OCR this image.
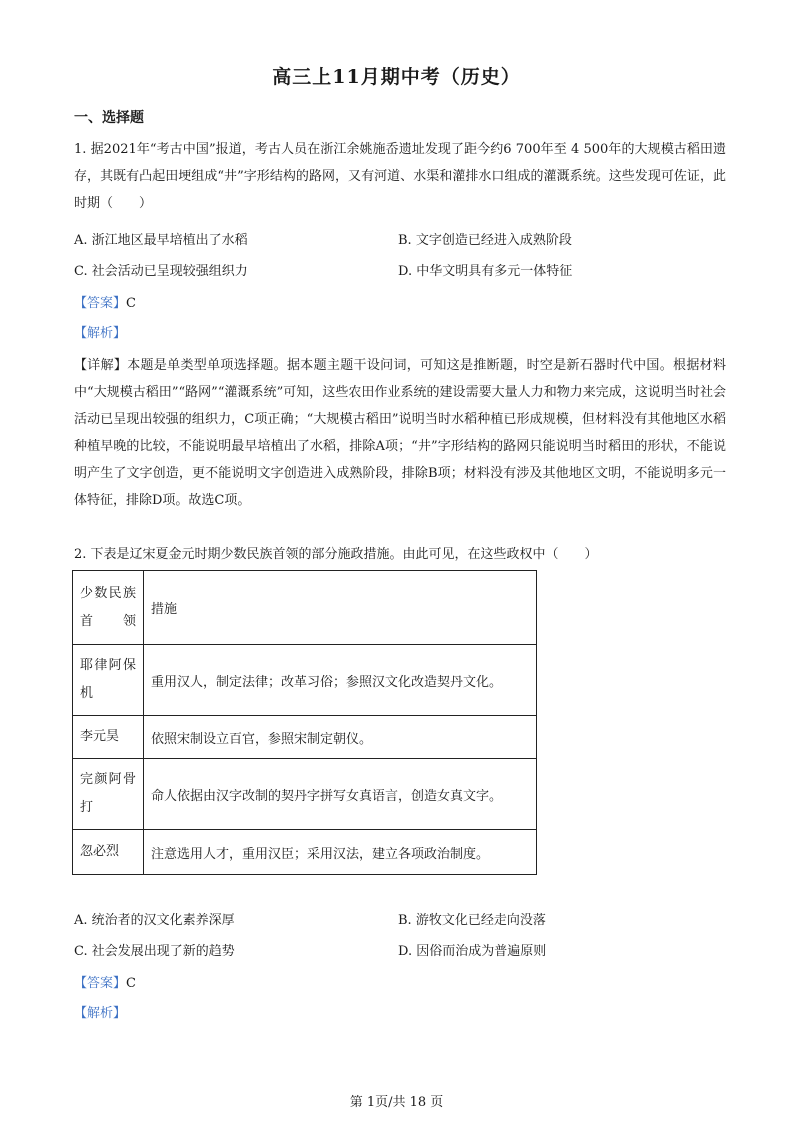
高三上11月期中考（历史）
一、选择题

1. 据2021年“考古中国”报道，考古人员在浙江余姚施岙遗址发现了距今约6 700年至 4 500年的大规模古稻田遗存，其既有凸起田埂组成“井”字形结构的路网，又有河道、水渠和灌排水口组成的灌溉系统。这些发现可佐证，此时期（　　）

A. 浙江地区最早培植出了水稻	B. 文字创造已经进入成熟阶段
C. 社会活动已呈现较强组织力	D. 中华文明具有多元一体特征
【答案】C
【解析】

【详解】本题是单类型单项选择题。据本题主题干设问词，可知这是推断题，时空是新石器时代中国。根据材料中“大规模古稻田”“路网”“灌溉系统”可知，这些农田作业系统的建设需要大量人力和物力来完成，这说明当时社会活动已呈现出较强的组织力，C项正确；“大规模古稻田”说明当时水稻种植已形成规模，但材料没有其他地区水稻种植早晚的比较，不能说明最早培植出了水稻，排除A项；“井”字形结构的路网只能说明当时稻田的形状，不能说明产生了文字创造，更不能说明文字创造进入成熟阶段，排除B项；材料没有涉及其他地区文明，不能说明多元一体特征，排除D项。故选C项。

2. 下表是辽宋夏金元时期少数民族首领的部分施政措施。由此可见，在这些政权中（　　）

少数民族首领	措施
耶律阿保机	重用汉人，制定法律；改革习俗；参照汉文化改造契丹文化。
李元昊	依照宋制设立百官，参照宋制定朝仪。
完颜阿骨打	命人依据由汉字改制的契丹字拼写女真语言，创造女真文字。
忽必烈	注意选用人才，重用汉臣；采用汉法，建立各项政治制度。
A. 统治者的汉文化素养深厚	B. 游牧文化已经走向没落
C. 社会发展出现了新的趋势	D. 因俗而治成为普遍原则
【答案】C
【解析】
第 1页/共 18 页
